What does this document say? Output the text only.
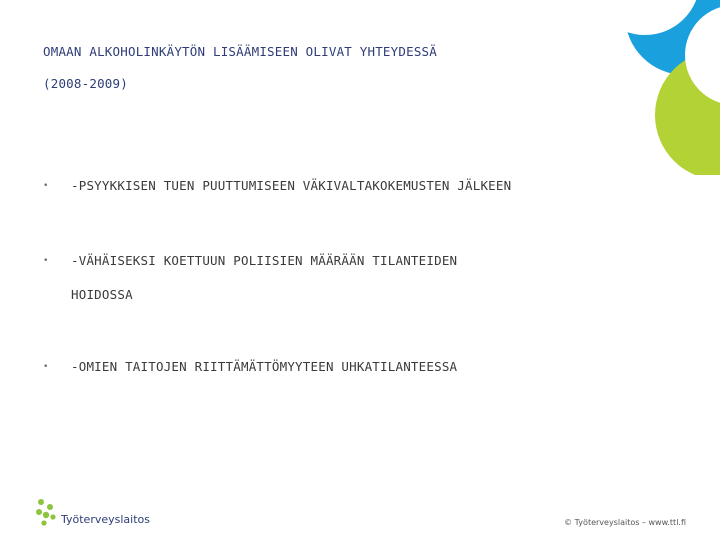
OMAAN ALKOHOLINKÄYTÖN LISÄÄMISEEN OLIVAT YHTEYDESSÄ
(2008-2009)
• -PSYYKKISEN TUEN PUUTTUMISEEN VÄKIVALTAKOKEMUSTEN JÄLKEEN
• -VÄHÄISEKSI KOETTUUN POLIISIEN MÄÄRÄÄN TILANTEIDEN
HOIDOSSA
• -OMIEN TAITOJEN RIITTÄMÄTTÖMYYTEEN UHKATILANTEESSA
Työterveyslaitos	© Työterveyslaitos – www.ttl.fi
